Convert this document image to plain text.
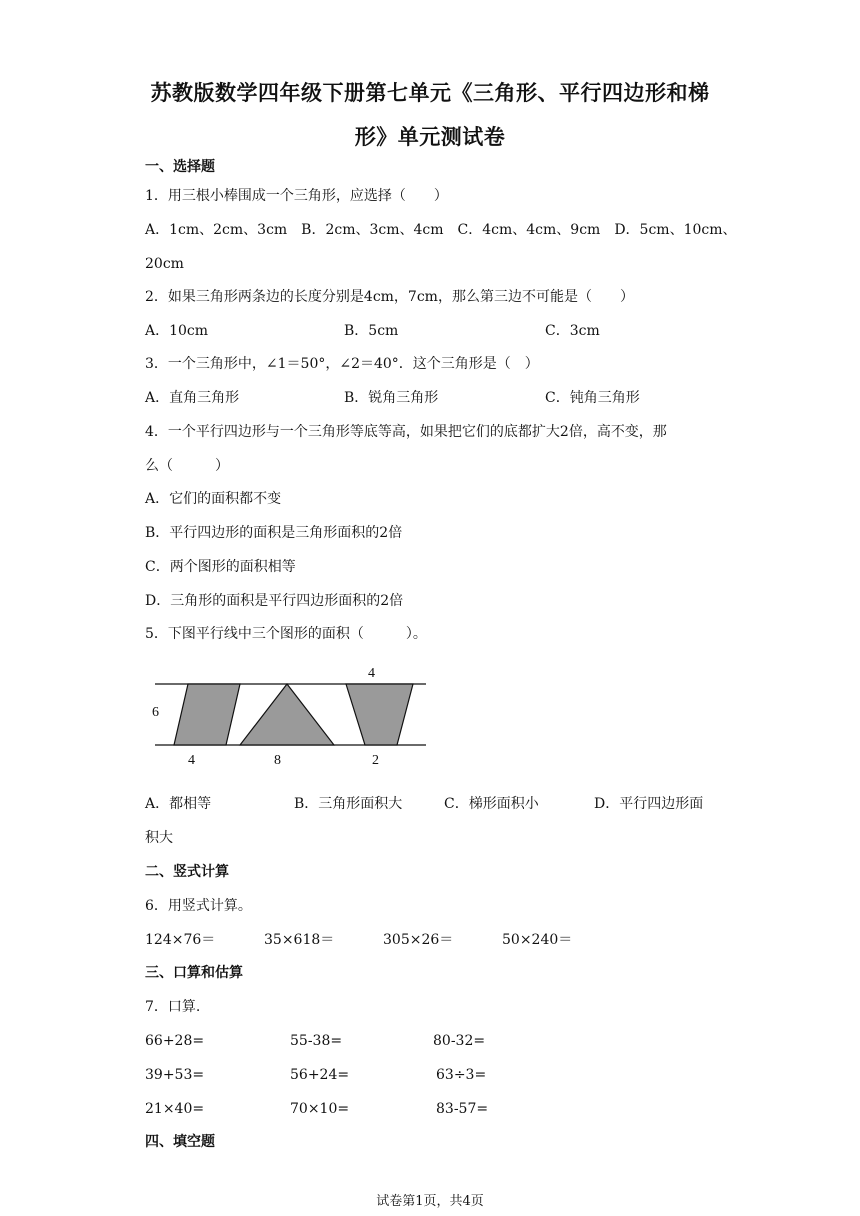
苏教版数学四年级下册第七单元《三角形、平行四边形和梯
形》单元测试卷
一、选择题
1．用三根小棒围成一个三角形，应选择（　　）
A．1cm、2cm、3cm　B．2cm、3cm、4cm　C．4cm、4cm、9cm　D．5cm、10cm、
20cm
2．如果三角形两条边的长度分别是4cm，7cm，那么第三边不可能是（　　）
A．10cm	B．5cm	C．3cm
3．一个三角形中，∠1＝50°，∠2＝40°．这个三角形是（　）
A．直角三角形	B．锐角三角形	C．钝角三角形
4．一个平行四边形与一个三角形等底等高，如果把它们的底都扩大2倍，高不变，那
么（　　　）
A．它们的面积都不变
B．平行四边形的面积是三角形面积的2倍
C．两个图形的面积相等
D．三角形的面积是平行四边形面积的2倍
5．下图平行线中三个图形的面积（　　　）。
6
4	8
4
2
A．都相等	B．三角形面积大	C．梯形面积小	D．平行四边形面
积大
二、竖式计算
6．用竖式计算。
124×76＝	35×618＝	305×26＝	50×240＝
三、口算和估算
7．口算.
66+28=	55-38=	80-32=
39+53=	56+24=	63÷3=
21×40=	70×10=	83-57=
四、填空题
试卷第1页，共4页
